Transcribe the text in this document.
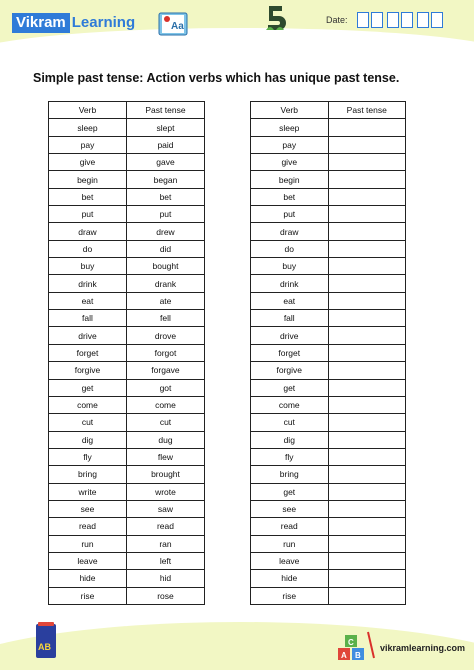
Vikram Learning	Aa
Date:
Simple past tense: Action verbs which has unique past tense.
Verb	Past tense
sleep	slept
pay	paid
give	gave
begin	began
bet	bet
put	put
draw	drew
do	did
buy	bought
drink	drank
eat	ate
fall	fell
drive	drove
forget	forgot
forgive	forgave
get	got
come	come
cut	cut
dig	dug
fly	flew
bring	brought
write	wrote
see	saw
read	read
run	ran
leave	left
hide	hid
rise	rose
Verb	Past tense
sleep	
pay	
give	
begin	
bet	
put	
draw	
do	
buy	
drink	
eat	
fall	
drive	
forget	
forgive	
get	
come	
cut	
dig	
fly	
bring	
get	
see	
read	
run	
leave	
hide	
rise	
AB
A B
C
vikramlearning.com
